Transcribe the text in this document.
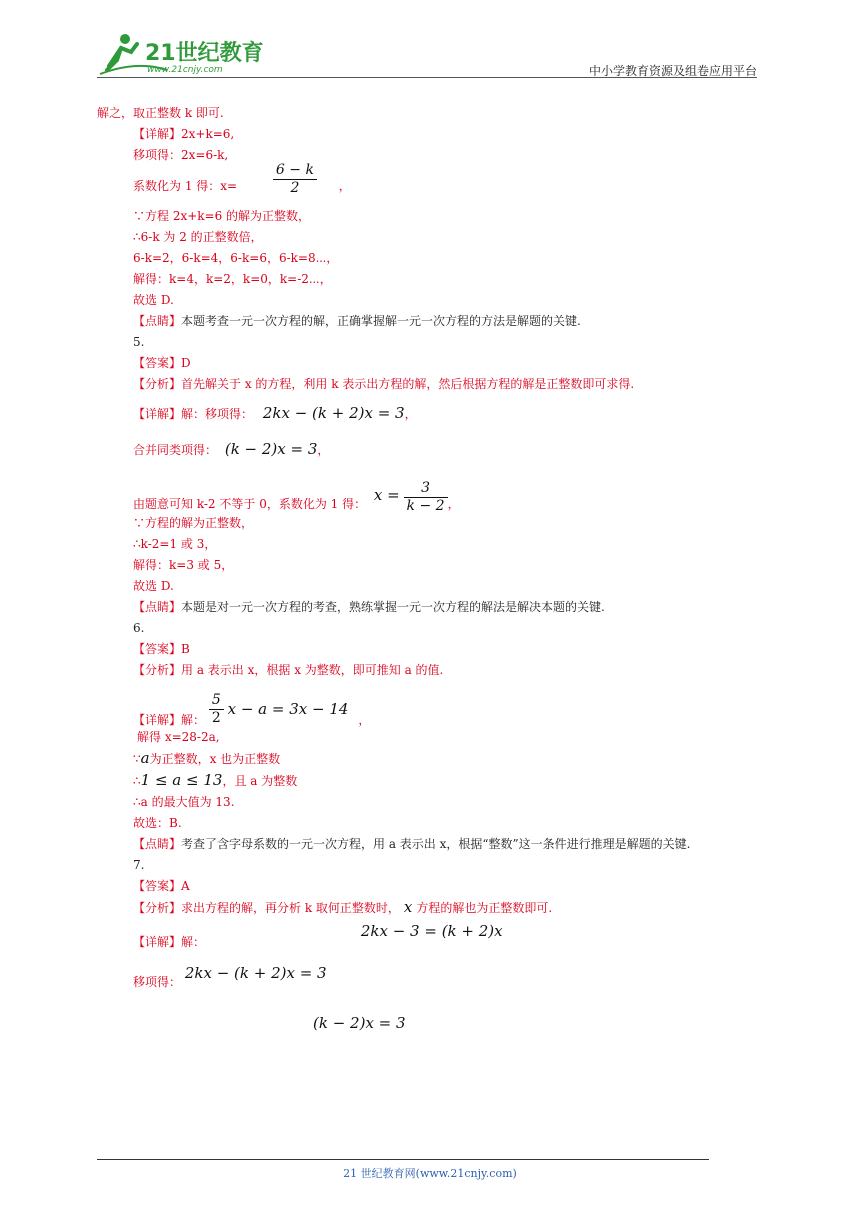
21世纪教育
www.21cnjy.com	中小学教育资源及组卷应用平台
解之，取正整数 k 即可.
【详解】2x+k=6,
移项得：2x=6-k,
系数化为 1 得：x=	$\frac{6 - k}{2}$ ，
∵方程 2x+k=6 的解为正整数，
∴6-k 为 2 的正整数倍，
6-k=2，6-k=4，6-k=6，6-k=8⋯，
解得：k=4，k=2，k=0，k=-2⋯，
故选 D.
【点睛】本题考查一元一次方程的解，正确掌握解一元一次方程的方法是解题的关键.
5.
【答案】D
【分析】首先解关于 x 的方程，利用 k 表示出方程的解，然后根据方程的解是正整数即可求得.
【详解】解：移项得： 2kx − (k + 2)x = 3，
合并同类项得： (k − 2)x = 3，
由题意可知 k-2 不等于 0，系数化为 1 得： $x = \frac{3}{k - 2}$ ，
∵方程的解为正整数，
∴k-2=1 或 3，
解得：k=3 或 5，
故选 D.
【点睛】本题是对一元一次方程的考查，熟练掌握一元一次方程的解法是解决本题的关键.
6.
【答案】B
【分析】用 a 表示出 x，根据 x 为整数，即可推知 a 的值.
【详解】解： $\frac{5}{2}$ x − a = 3x − 14，
解得 x=28-2a,
∵a为正整数，x 也为正整数
∴1 ≤ a ≤ 13，且 a 为整数
∴a 的最大值为 13.
故选：B.
【点睛】考查了含字母系数的一元一次方程，用 a 表示出 x，根据“整数”这一条件进行推理是解题的关键.
7.
【答案】A
【分析】求出方程的解，再分析 k 取何正整数时， x 方程的解也为正整数即可.
【详解】解： 2kx − 3 = (k + 2)x
移项得： 2kx − (k + 2)x = 3
(k − 2)x = 3
21 世纪教育网(www.21cnjy.com)
